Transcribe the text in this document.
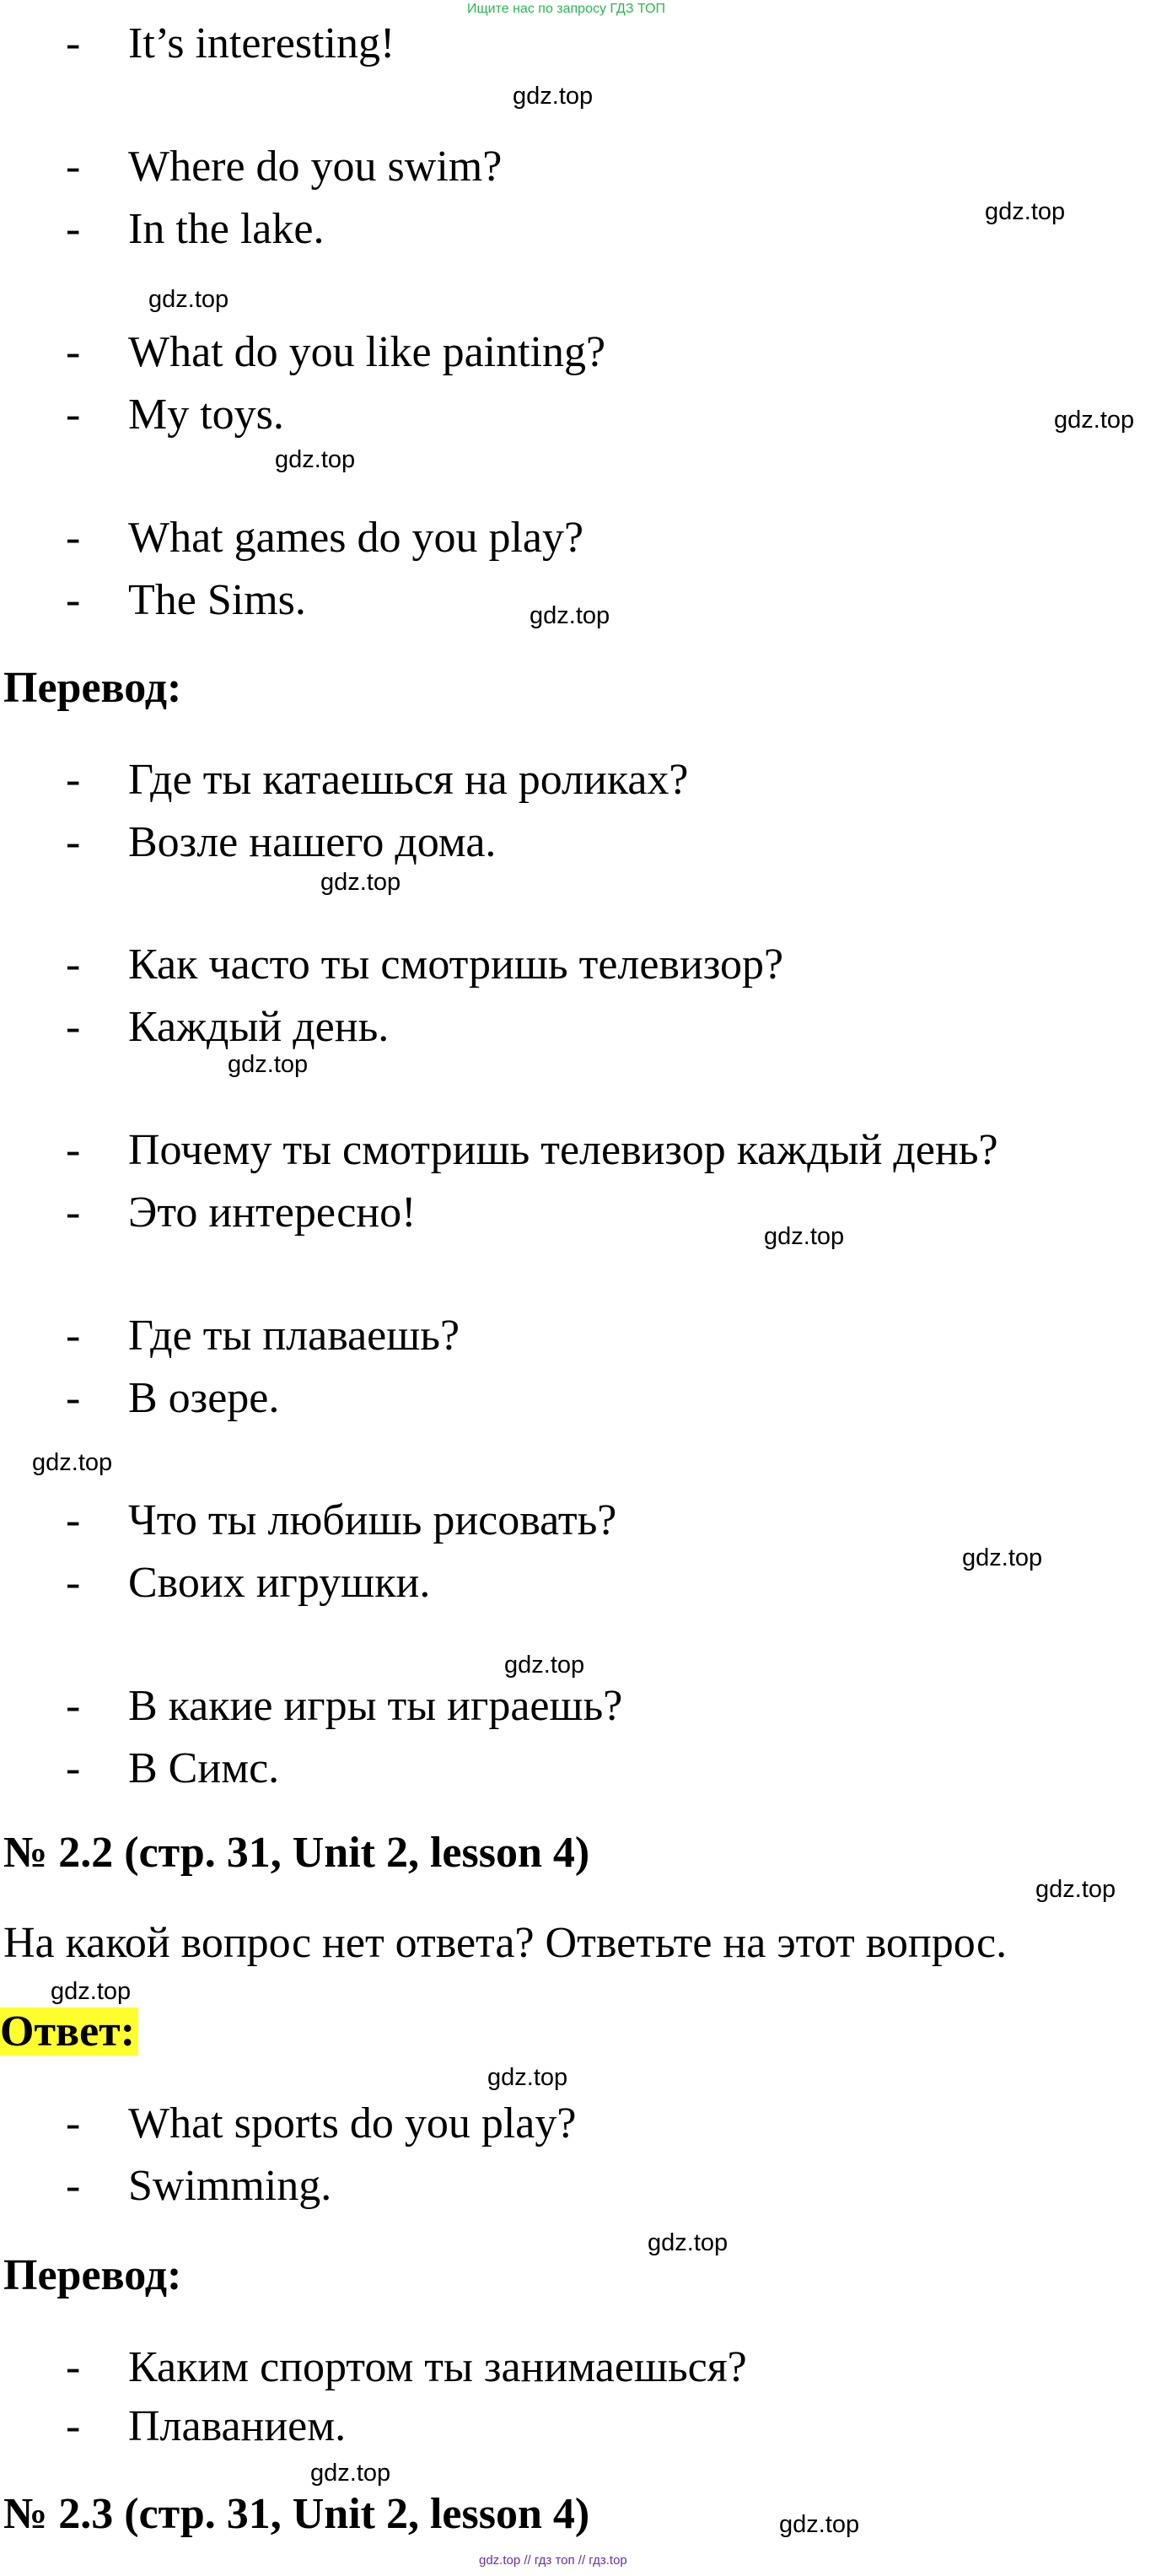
Ищите нас по запросу ГДЗ ТОП
- It’s interesting!
gdz.top
- Where do you swim?
gdz.top
- In the lake.
gdz.top
- What do you like painting?
- My toys.	gdz.top
gdz.top
- What games do you play?
- The Sims.	gdz.top
Перевод:
- Где ты катаешься на роликах?
- Возле нашего дома.
gdz.top
- Как часто ты смотришь телевизор?
- Каждый день.
gdz.top
- Почему ты смотришь телевизор каждый день?
- Это интересно!	gdz.top
- Где ты плаваешь?
- В озере.
gdz.top
- Что ты любишь рисовать?
gdz.top
- Своих игрушки.
gdz.top
- В какие игры ты играешь?
- В Симс.
№ 2.2 (стр. 31, Unit 2, lesson 4)
gdz.top
На какой вопрос нет ответа? Ответьте на этот вопрос.
gdz.top
Ответ:
gdz.top
- What sports do you play?
- Swimming.
gdz.top
Перевод:
- Каким спортом ты занимаешься?
- Плаванием.
gdz.top
№ 2.3 (стр. 31, Unit 2, lesson 4)	gdz.top
gdz.top // гдз топ // гдз.top
